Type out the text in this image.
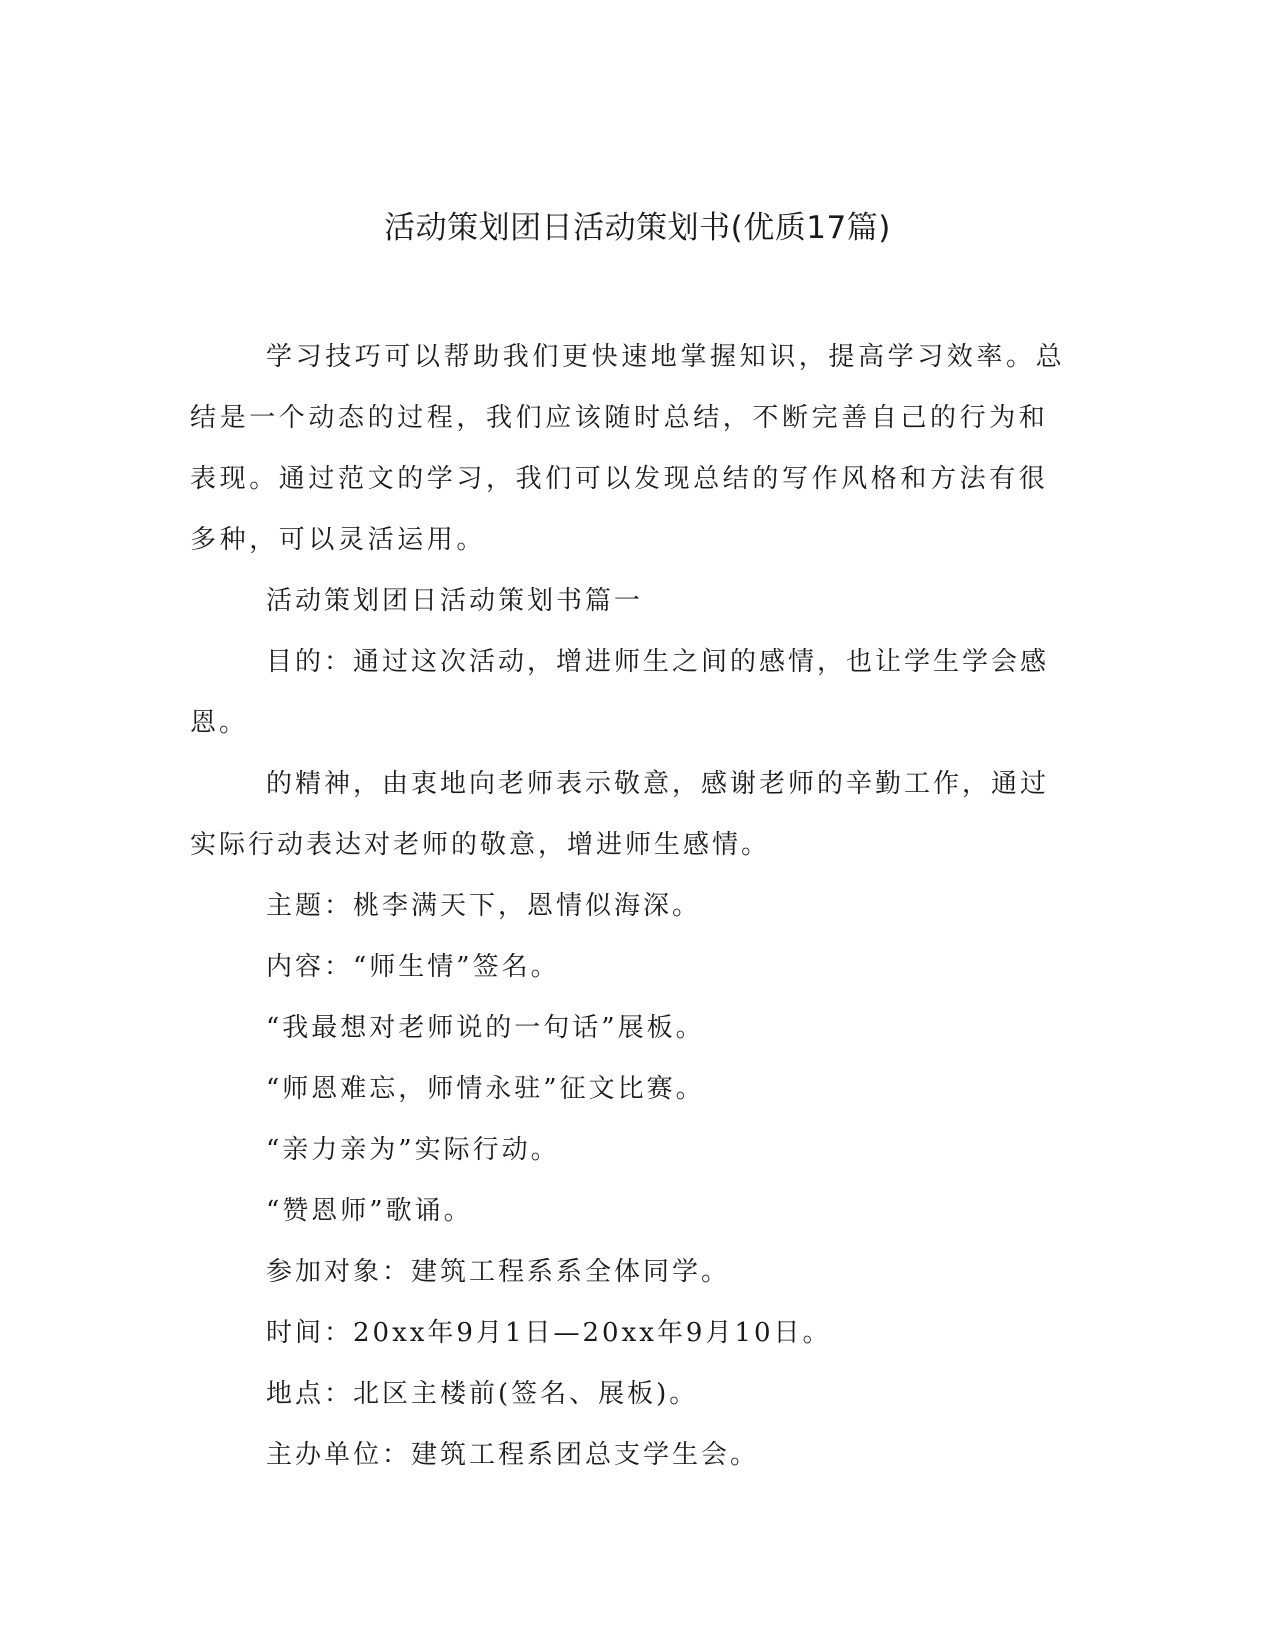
活动策划团日活动策划书(优质17篇)

学习技巧可以帮助我们更快速地掌握知识，提高学习效率。总结是一个动态的过程，我们应该随时总结，不断完善自己的行为和表现。通过范文的学习，我们可以发现总结的写作风格和方法有很多种，可以灵活运用。

活动策划团日活动策划书篇一

目的：通过这次活动，增进师生之间的感情，也让学生学会感恩。

的精神，由衷地向老师表示敬意，感谢老师的辛勤工作，通过实际行动表达对老师的敬意，增进师生感情。

主题：桃李满天下，恩情似海深。

内容：“师生情”签名。

“我最想对老师说的一句话”展板。

“师恩难忘，师情永驻”征文比赛。

“亲力亲为”实际行动。

“赞恩师”歌诵。

参加对象：建筑工程系系全体同学。

时间：20xx年9月1日—20xx年9月10日。

地点：北区主楼前(签名、展板)。

主办单位：建筑工程系团总支学生会。
